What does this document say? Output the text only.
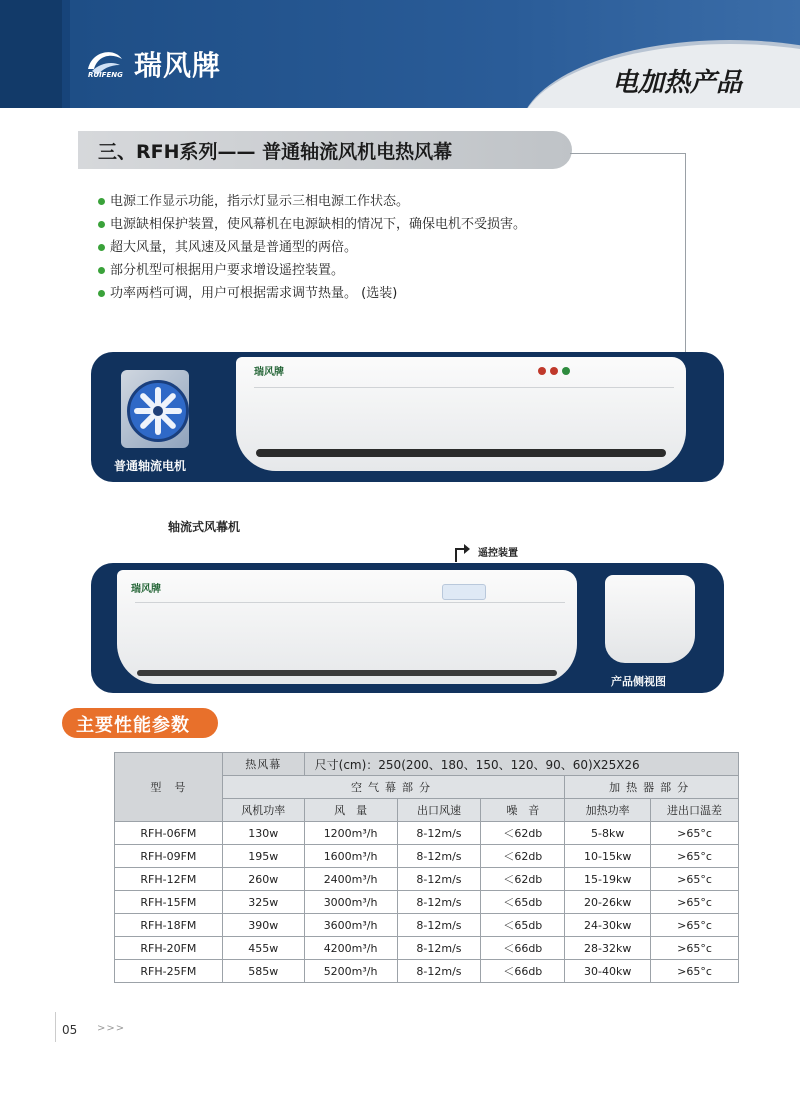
RUIFENG 瑞风牌
电加热产品
三、RFH系列—— 普通轴流风机电热风幕
电源工作显示功能，指示灯显示三相电源工作状态。
电源缺相保护装置，使风幕机在电源缺相的情况下，确保电机不受损害。
超大风量，其风速及风量是普通型的两倍。
部分机型可根据用户要求增设遥控装置。
功率两档可调，用户可根据需求调节热量。 (选装)
普通轴流电机
瑞风牌
轴流式风幕机
遥控装置
瑞风牌
产品侧视图
主要性能参数
型　号	热风幕	尺寸(cm)：250(200、180、150、120、90、60)X25X26				
	空气幕部分				加热器部分	
	风机功率	风　量	出口风速	噪　音	加热功率	进出口温差
RFH-06FM	130w	1200m³/h	8-12m/s	＜62db	5-8kw	>65°c
RFH-09FM	195w	1600m³/h	8-12m/s	＜62db	10-15kw	>65°c
RFH-12FM	260w	2400m³/h	8-12m/s	＜62db	15-19kw	>65°c
RFH-15FM	325w	3000m³/h	8-12m/s	＜65db	20-26kw	>65°c
RFH-18FM	390w	3600m³/h	8-12m/s	＜65db	24-30kw	>65°c
RFH-20FM	455w	4200m³/h	8-12m/s	＜66db	28-32kw	>65°c
RFH-25FM	585w	5200m³/h	8-12m/s	＜66db	30-40kw	>65°c
05 >>>
